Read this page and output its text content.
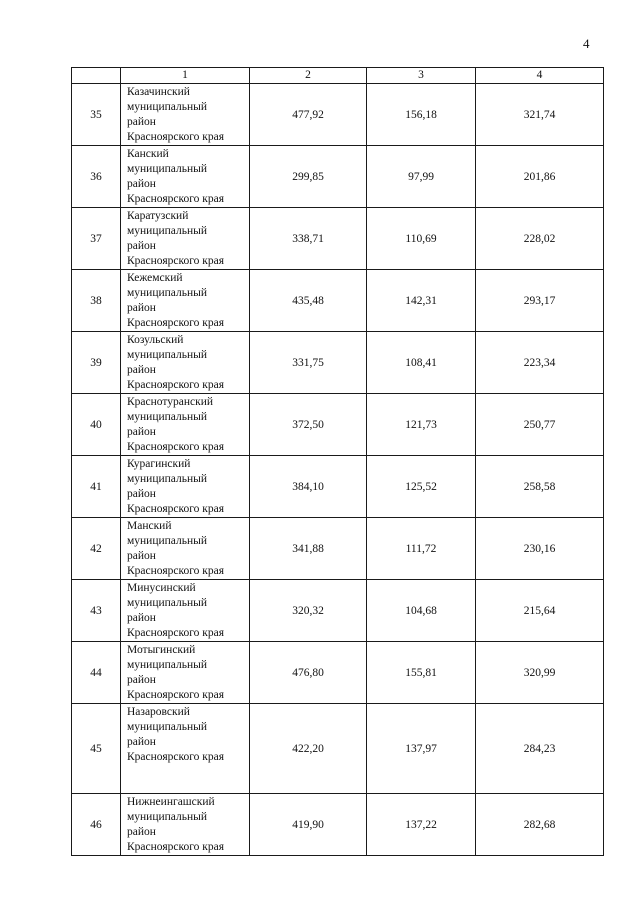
4
	1	2	3	4
35	Казачинский
муниципальный
район
Красноярского края	477,92	156,18	321,74
36	Канский
муниципальный
район
Красноярского края	299,85	97,99	201,86
37	Каратузский
муниципальный
район
Красноярского края	338,71	110,69	228,02
38	Кежемский
муниципальный
район
Красноярского края	435,48	142,31	293,17
39	Козульский
муниципальный
район
Красноярского края	331,75	108,41	223,34
40	Краснотуранский
муниципальный
район
Красноярского края	372,50	121,73	250,77
41	Курагинский
муниципальный
район
Красноярского края	384,10	125,52	258,58
42	Манский
муниципальный
район
Красноярского края	341,88	111,72	230,16
43	Минусинский
муниципальный
район
Красноярского края	320,32	104,68	215,64
44	Мотыгинский
муниципальный
район
Красноярского края	476,80	155,81	320,99
45	Назаровский
муниципальный
район
Красноярского края	422,20	137,97	284,23
46	Нижнеингашский
муниципальный
район
Красноярского края	419,90	137,22	282,68
